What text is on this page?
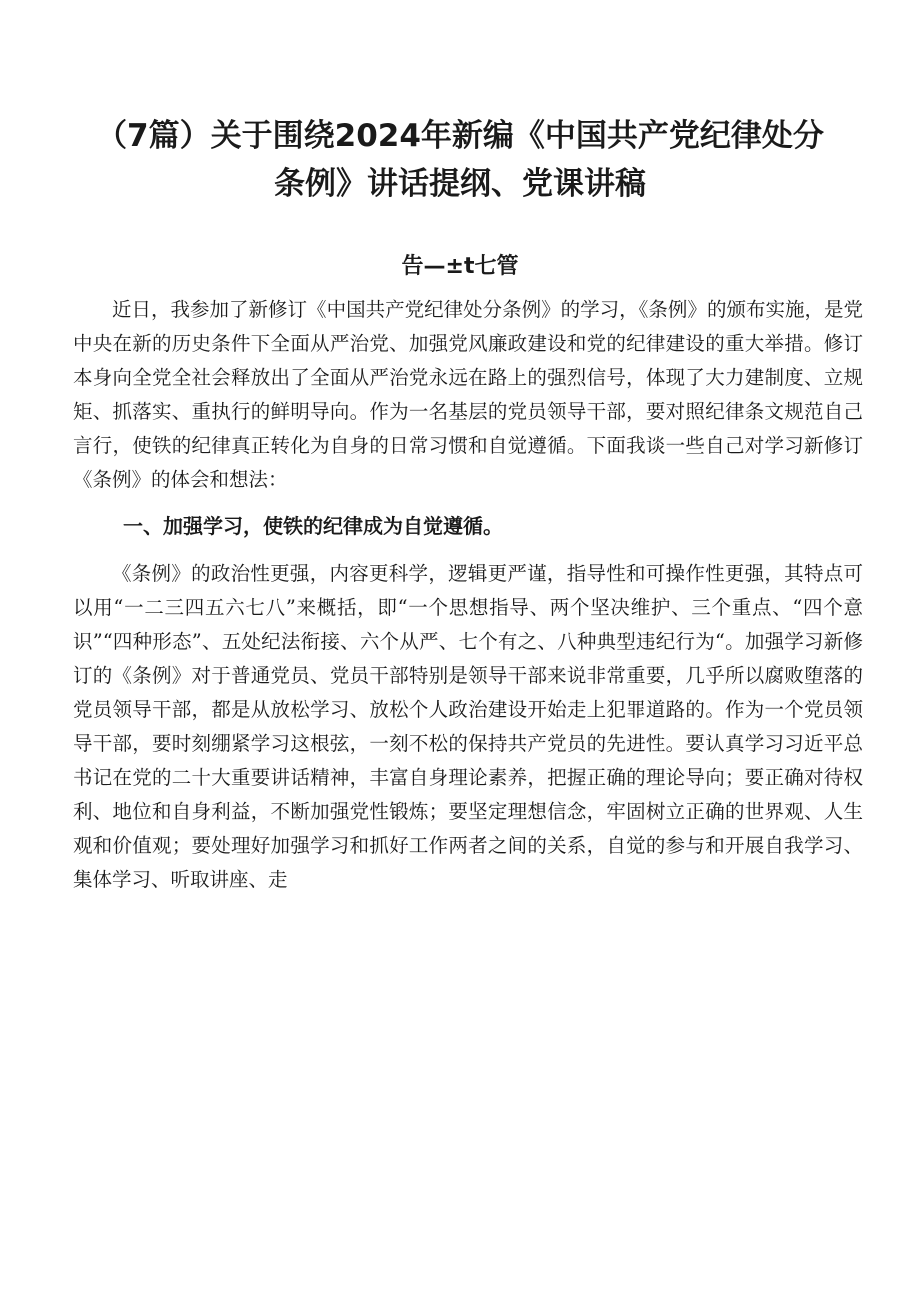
（7篇）关于围绕2024年新编《中国共产党纪律处分
条例》讲话提纲、党课讲稿
告—±t七管

近日，我参加了新修订《中国共产党纪律处分条例》的学习，《条例》的颁布实施，是党中央在新的历史条件下全面从严治党、加强党风廉政建设和党的纪律建设的重大举措。修订本身向全党全社会释放出了全面从严治党永远在路上的强烈信号，体现了大力建制度、立规矩、抓落实、重执行的鲜明导向。作为一名基层的党员领导干部，要对照纪律条文规范自己言行，使铁的纪律真正转化为自身的日常习惯和自觉遵循。下面我谈一些自己对学习新修订《条例》的体会和想法：

一、加强学习，使铁的纪律成为自觉遵循。

《条例》的政治性更强，内容更科学，逻辑更严谨，指导性和可操作性更强，其特点可以用“一二三四五六七八”来概括，即“一个思想指导、两个坚决维护、三个重点、“四个意识”“四种形态”、五处纪法衔接、六个从严、七个有之、八种典型违纪行为“。加强学习新修订的《条例》对于普通党员、党员干部特别是领导干部来说非常重要，几乎所以腐败堕落的党员领导干部，都是从放松学习、放松个人政治建设开始走上犯罪道路的。作为一个党员领导干部，要时刻绷紧学习这根弦，一刻不松的保持共产党员的先进性。要认真学习习近平总书记在党的二十大重要讲话精神，丰富自身理论素养，把握正确的理论导向；要正确对待权利、地位和自身利益，不断加强党性锻炼；要坚定理想信念，牢固树立正确的世界观、人生观和价值观；要处理好加强学习和抓好工作两者之间的关系，自觉的参与和开展自我学习、集体学习、听取讲座、走
